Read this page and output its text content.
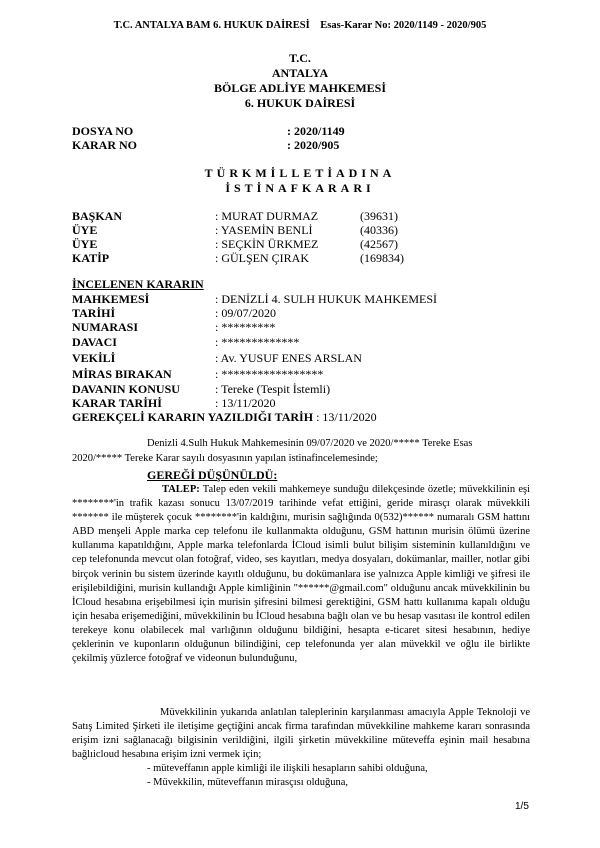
T.C. ANTALYA BAM 6. HUKUK DAİRESİ Esas-Karar No: 2020/1149 - 2020/905
T.C.
ANTALYA
BÖLGE ADLİYE MAHKEMESİ
6. HUKUK DAİRESİ
DOSYA NO	: 2020/1149
KARAR NO	: 2020/905
TÜRKMİLLETİADINA
İSTİNAFKARARI
BAŞKAN	: MURAT DURMAZ	(39631)
ÜYE	: YASEMİN BENLİ	(40336)
ÜYE	: SEÇKİN ÜRKMEZ	(42567)
KATİP	: GÜLŞEN ÇIRAK	(169834)
İNCELENEN KARARIN
MAHKEMESİ	: DENİZLİ 4. SULH HUKUK MAHKEMESİ
TARİHİ	: 09/07/2020
NUMARASI	: *********
DAVACI	: *************
VEKİLİ	: Av. YUSUF ENES ARSLAN
MİRAS BIRAKAN	: *****************
DAVANIN KONUSU	: Tereke (Tespit İstemli)
KARAR TARİHİ	: 13/11/2020
GEREKÇELİ KARARIN YAZILDIĞI TARİH : 13/11/2020
Denizli 4.Sulh Hukuk Mahkemesinin 09/07/2020 ve 2020/***** Tereke Esas
2020/***** Tereke Karar sayılı dosyasının yapılan istinafincelemesinde;
GEREĞİ DÜŞÜNÜLDÜ:
TALEP: Talep eden vekili mahkemeye sunduğu dilekçesinde özetle; müvekkilinin eşi ********'in trafik kazası sonucu 13/07/2019 tarihinde vefat ettiğini, geride mirasçı olarak müvekkili ******* ile müşterek çocuk ********'in kaldığını, murisin sağlığında 0(532)****** numaralı GSM hattını ABD menşeli Apple marka cep telefonu ile kullanmakta olduğunu, GSM hattının murisin ölümü üzerine kullanıma kapatıldığını, Apple marka telefonlarda İCloud isimli bulut bilişim sisteminin kullanıldığını ve cep telefonunda mevcut olan fotoğraf, video, ses kayıtları, medya dosyaları, dokümanlar, mailler, notlar gibi birçok verinin bu sistem üzerinde kayıtlı olduğunu, bu dokümanlara ise yalnızca Apple kimliği ve şifresi ile erişilebildiğini, murisin kullandığı Apple kimliğinin "******@gmail.com" olduğunu ancak müvekkilinin bu İCloud hesabına erişebilmesi için murisin şifresini bilmesi gerektiğini, GSM hattı kullanıma kapalı olduğu için hesaba erişemediğini, müvekkilinin bu İCloud hesabına bağlı olan ve bu hesap vasıtası ile kontrol edilen terekeye konu olabilecek mal varlığının olduğunu bildiğini, hesapta e-ticaret sitesi hesabının, hediye çeklerinin ve kuponların olduğunun bilindiğini, cep telefonunda yer alan müvekkil ve oğlu ile birlikte çekilmiş yüzlerce fotoğraf ve videonun bulunduğunu,
Müvekkilinin yukarıda anlatılan taleplerinin karşılanması amacıyla Apple Teknoloji ve Satış Limited Şirketi ile iletişime geçtiğini ancak firma tarafından müvekkiline mahkeme kararı sonrasında erişim izni sağlanacağı bilgisinin verildiğini, ilgili şirketin müvekkiline müteveffa eşinin mail hesabına bağlıicloud hesabına erişim izni vermek için;
- müteveffanın apple kimliği ile ilişkili hesapların sahibi olduğuna,
- Müvekkilin, müteveffanın mirasçısı olduğuna,
1/5
